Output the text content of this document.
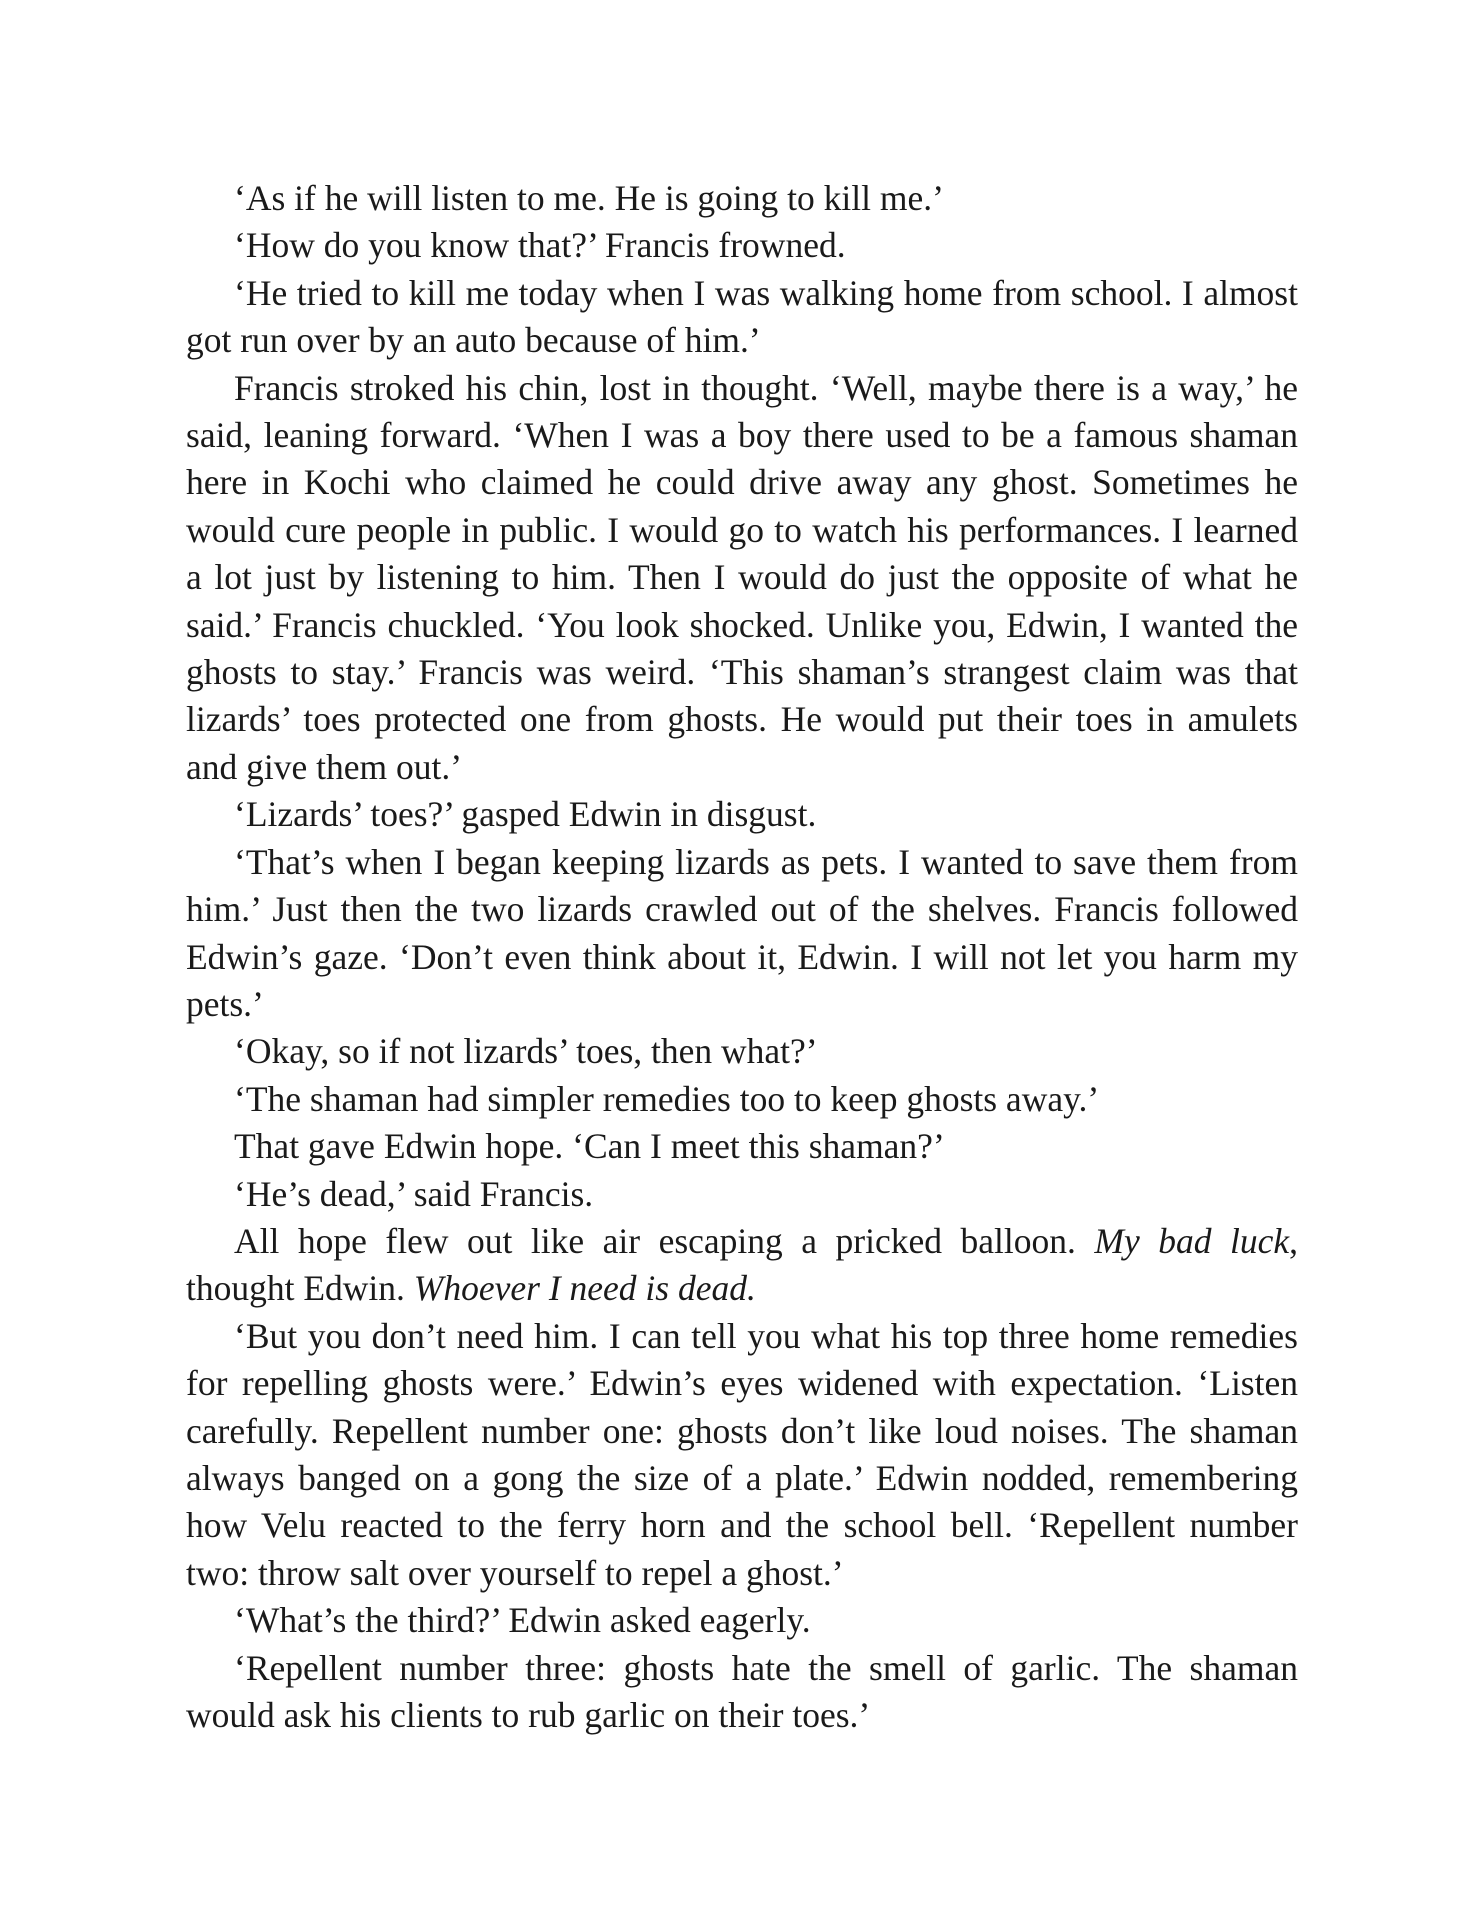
‘As if he will listen to me. He is going to kill me.’

‘How do you know that?’ Francis frowned.

‘He tried to kill me today when I was walking home from school. I almost got run over by an auto because of him.’

Francis stroked his chin, lost in thought. ‘Well, maybe there is a way,’ he said, leaning forward. ‘When I was a boy there used to be a famous shaman here in Kochi who claimed he could drive away any ghost. Sometimes he would cure people in public. I would go to watch his performances. I learned a lot just by listening to him. Then I would do just the opposite of what he said.’ Francis chuckled. ‘You look shocked. Unlike you, Edwin, I wanted the ghosts to stay.’ Francis was weird. ‘This shaman’s strangest claim was that lizards’ toes protected one from ghosts. He would put their toes in amulets and give them out.’

‘Lizards’ toes?’ gasped Edwin in disgust.

‘That’s when I began keeping lizards as pets. I wanted to save them from him.’ Just then the two lizards crawled out of the shelves. Francis followed Edwin’s gaze. ‘Don’t even think about it, Edwin. I will not let you harm my pets.’

‘Okay, so if not lizards’ toes, then what?’

‘The shaman had simpler remedies too to keep ghosts away.’

That gave Edwin hope. ‘Can I meet this shaman?’

‘He’s dead,’ said Francis.

All hope flew out like air escaping a pricked balloon. My bad luck, thought Edwin. Whoever I need is dead.

‘But you don’t need him. I can tell you what his top three home remedies for repelling ghosts were.’ Edwin’s eyes widened with expectation. ‘Listen carefully. Repellent number one: ghosts don’t like loud noises. The shaman always banged on a gong the size of a plate.’ Edwin nodded, remembering how Velu reacted to the ferry horn and the school bell. ‘Repellent number two: throw salt over yourself to repel a ghost.’

‘What’s the third?’ Edwin asked eagerly.

‘Repellent number three: ghosts hate the smell of garlic. The shaman would ask his clients to rub garlic on their toes.’
